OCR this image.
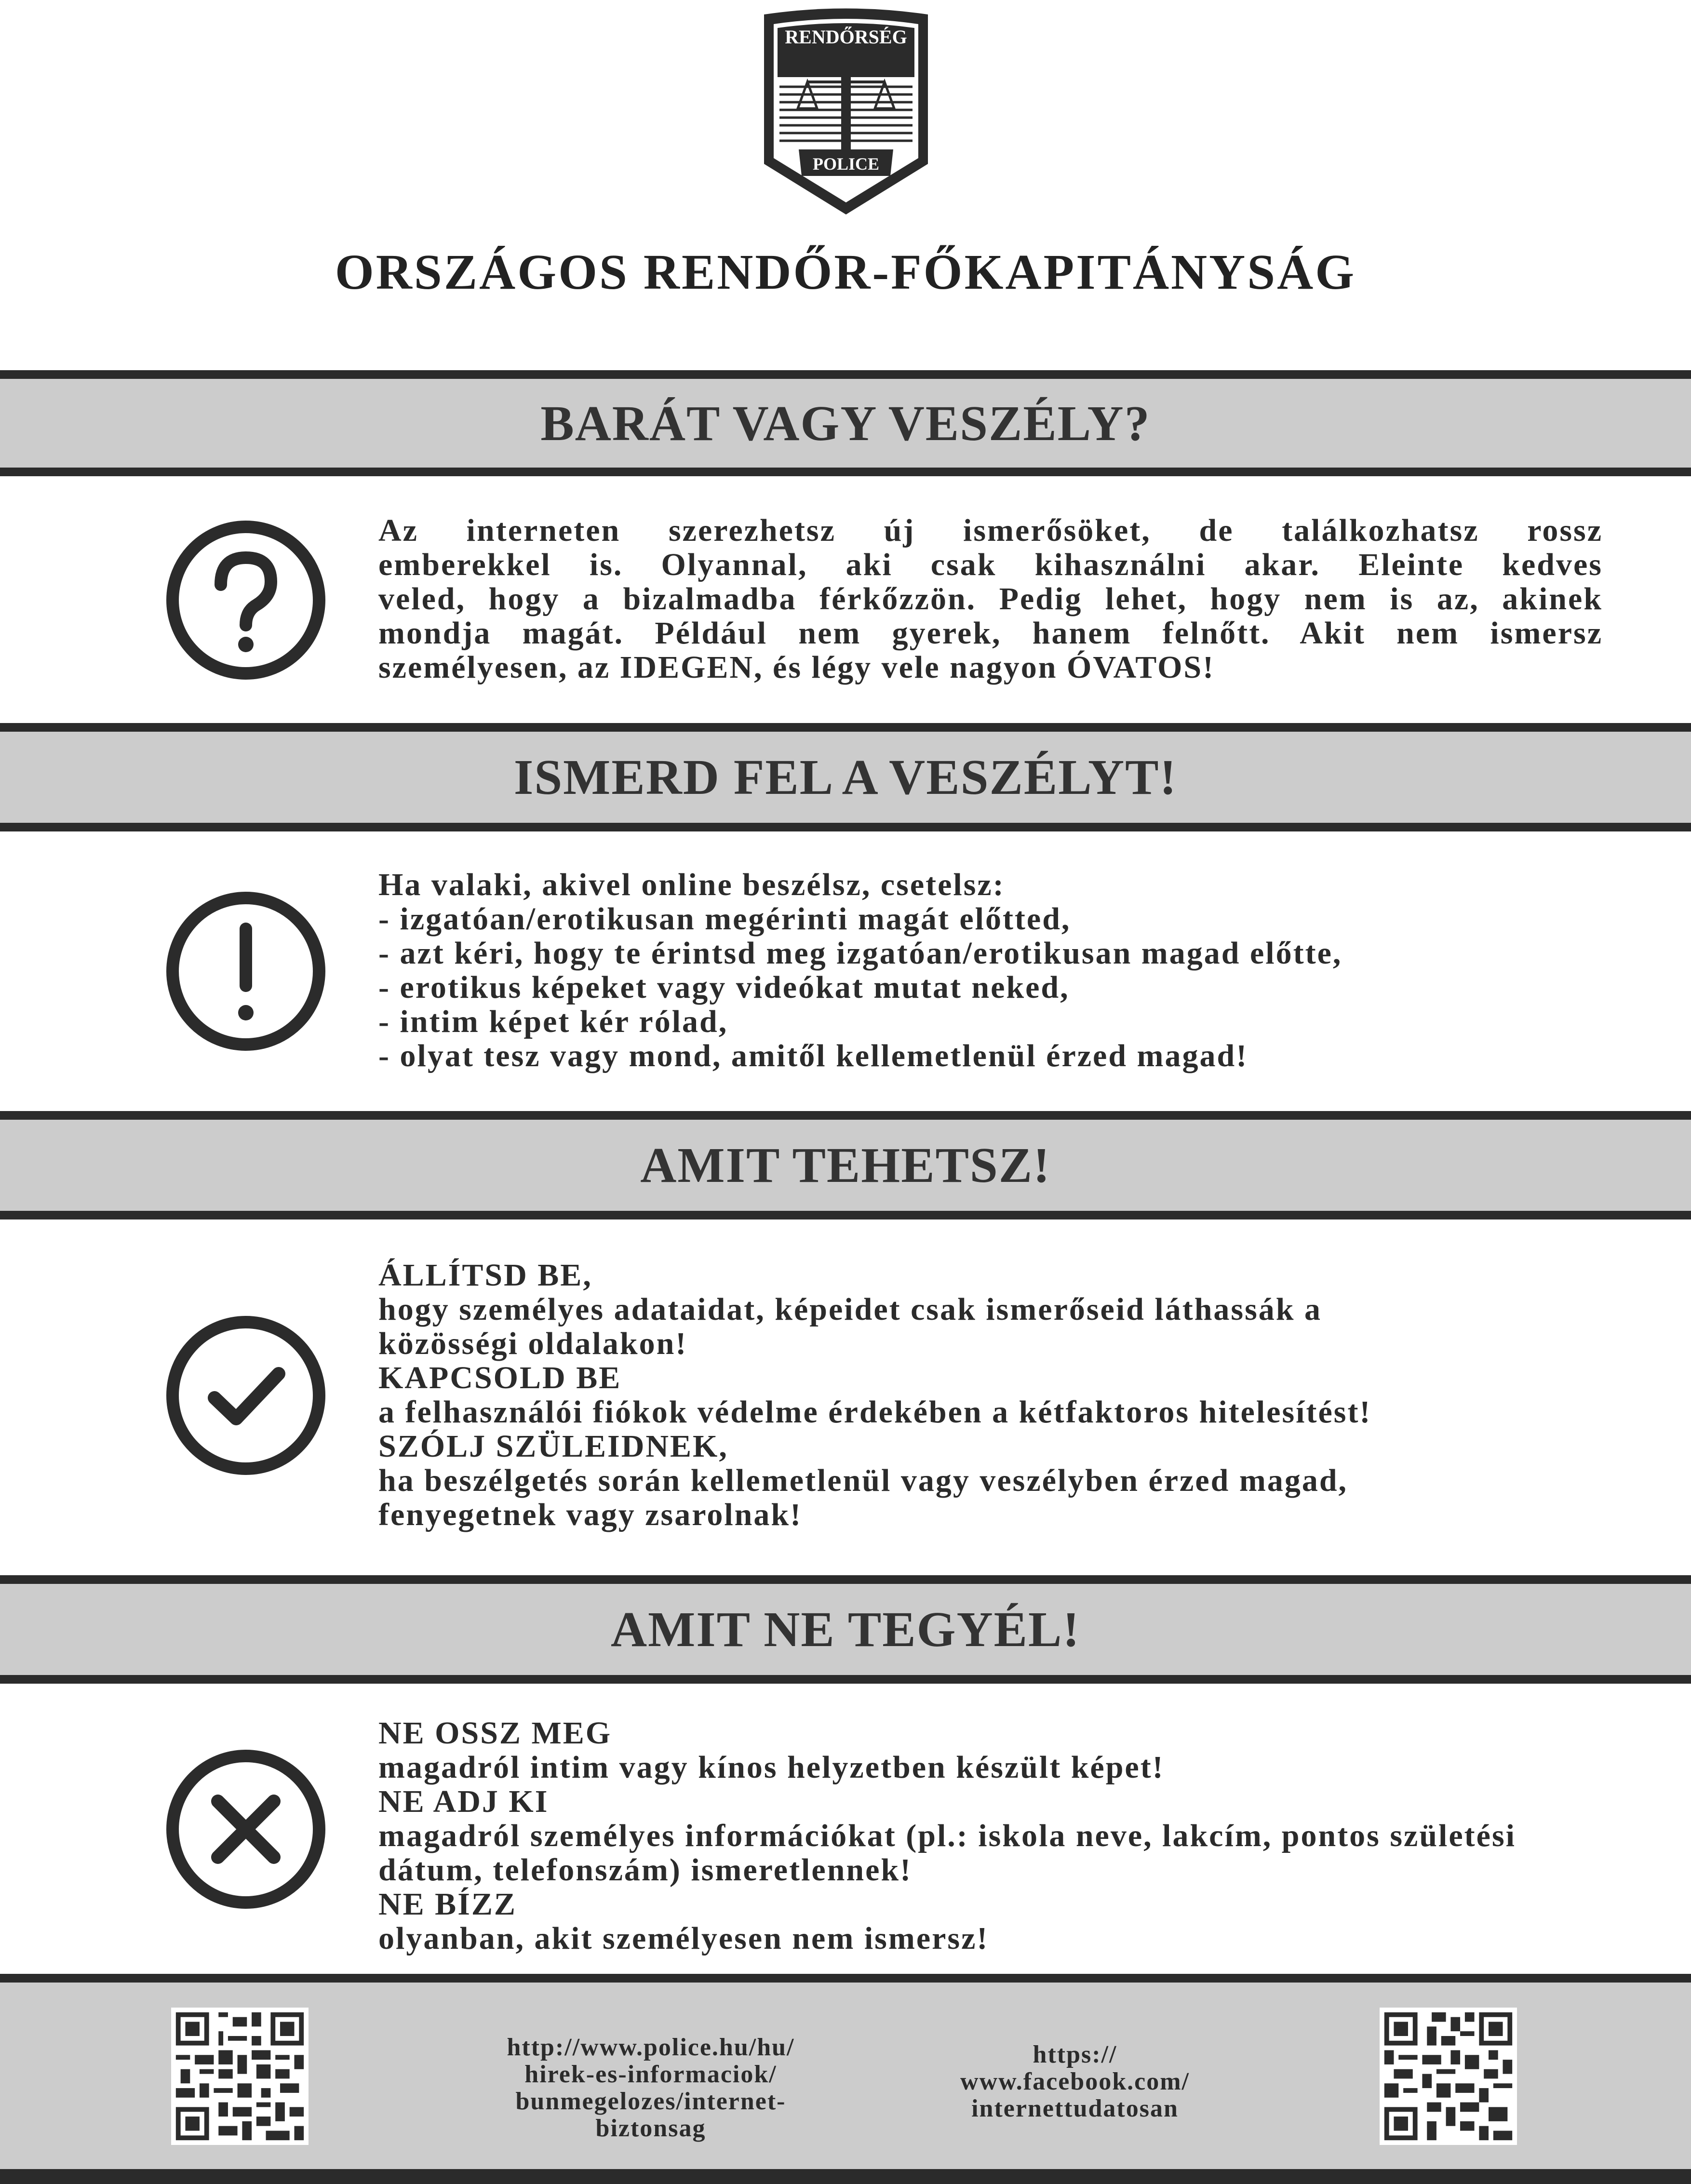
RENDŐRSÉG
POLICE
ORSZÁGOS RENDŐR-FŐKAPITÁNYSÁG
BARÁT VAGY VESZÉLY?
Az interneten szerezhetsz új ismerősöket, de találkozhatsz rossz
emberekkel is. Olyannal, aki csak kihasználni akar. Eleinte kedves
veled, hogy a bizalmadba férkőzzön. Pedig lehet, hogy nem is az, akinek
mondja magát. Például nem gyerek, hanem felnőtt. Akit nem ismersz
személyesen, az IDEGEN, és légy vele nagyon ÓVATOS!
ISMERD FEL A VESZÉLYT!
Ha valaki, akivel online beszélsz, csetelsz:
- izgatóan/erotikusan megérinti magát előtted,
- azt kéri, hogy te érintsd meg izgatóan/erotikusan magad előtte,
- erotikus képeket vagy videókat mutat neked,
- intim képet kér rólad,
- olyat tesz vagy mond, amitől kellemetlenül érzed magad!
AMIT TEHETSZ!
ÁLLÍTSD BE,
hogy személyes adataidat, képeidet csak ismerőseid láthassák a
közösségi oldalakon!
KAPCSOLD BE
a felhasználói fiókok védelme érdekében a kétfaktoros hitelesítést!
SZÓLJ SZÜLEIDNEK,
ha beszélgetés során kellemetlenül vagy veszélyben érzed magad,
fenyegetnek vagy zsarolnak!
AMIT NE TEGYÉL!
NE OSSZ MEG
magadról intim vagy kínos helyzetben készült képet!
NE ADJ KI
magadról személyes információkat (pl.: iskola neve, lakcím, pontos születési
dátum, telefonszám) ismeretlennek!
NE BÍZZ
olyanban, akit személyesen nem ismersz!
http://www.police.hu/hu/
hirek-es-informaciok/
bunmegelozes/internet-
biztonsag
https://
www.facebook.com/
internettudatosan
